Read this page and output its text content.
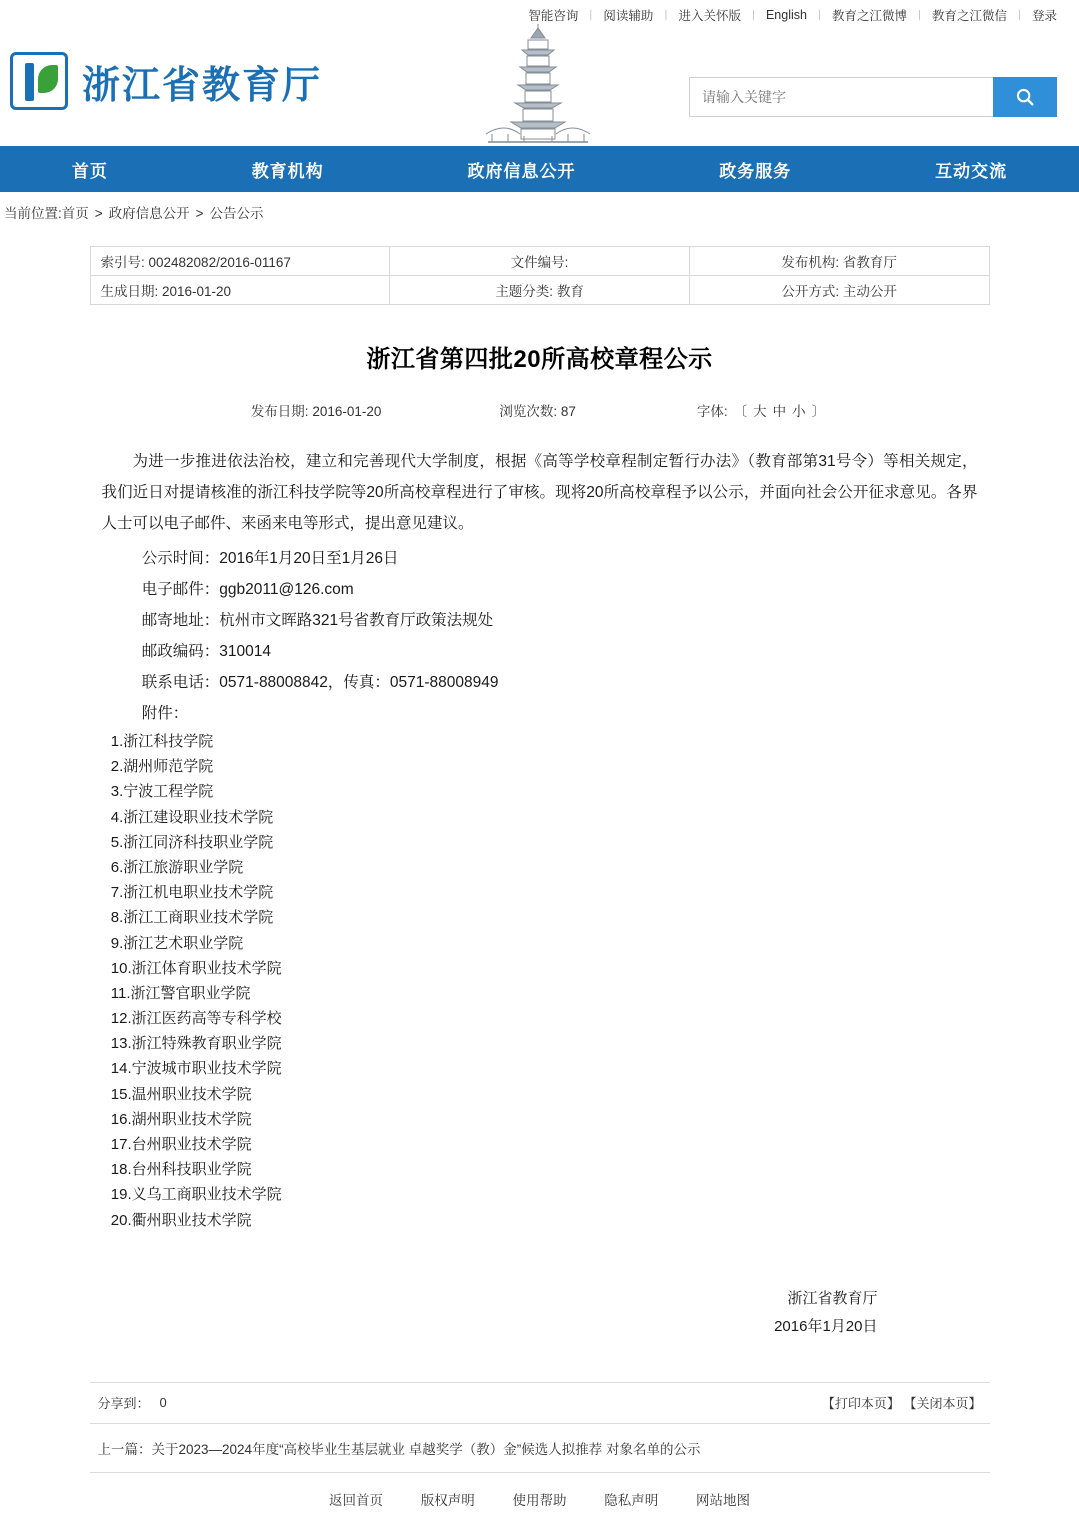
智能咨询 丨 阅读辅助 丨 进入关怀版 丨 English 丨 教育之江微博 丨 教育之江微信 丨 登录
浙江省教育厅
请输入关键字
首页	教育机构	政府信息公开	政务服务	互动交流
当前位置:首页 > 政府信息公开 > 公告公示
索引号: 002482082/2016-01167	文件编号:	发布机构: 省教育厅
生成日期: 2016-01-20	主题分类: 教育	公开方式: 主动公开
浙江省第四批20所高校章程公示
发布日期: 2016-01-20	浏览次数: 87	字体: 〔 大 中 小 〕

为进一步推进依法治校，建立和完善现代大学制度，根据《高等学校章程制定暂行办法》（教育部第31号令）等相关规定，我们近日对提请核准的浙江科技学院等20所高校章程进行了审核。现将20所高校章程予以公示，并面向社会公开征求意见。各界人士可以电子邮件、来函来电等形式，提出意见建议。

公示时间：2016年1月20日至1月26日

电子邮件：ggb2011@126.com

邮寄地址：杭州市文晖路321号省教育厅政策法规处

邮政编码：310014

联系电话：0571-88008842，传真：0571-88008949

附件：

1.浙江科技学院
2.湖州师范学院
3.宁波工程学院
4.浙江建设职业技术学院
5.浙江同济科技职业学院
6.浙江旅游职业学院
7.浙江机电职业技术学院
8.浙江工商职业技术学院
9.浙江艺术职业学院
10.浙江体育职业技术学院
11.浙江警官职业学院
12.浙江医药高等专科学校
13.浙江特殊教育职业学院
14.宁波城市职业技术学院
15.温州职业技术学院
16.湖州职业技术学院
17.台州职业技术学院
18.台州科技职业学院
19.义乌工商职业技术学院
20.衢州职业技术学院
浙江省教育厅
2016年1月20日
分享到： 0	【打印本页】 【关闭本页】
上一篇：关于2023—2024年度“高校毕业生基层就业 卓越奖学（教）金”候选人拟推荐 对象名单的公示
返回首页	版权声明	使用帮助	隐私声明	网站地图
